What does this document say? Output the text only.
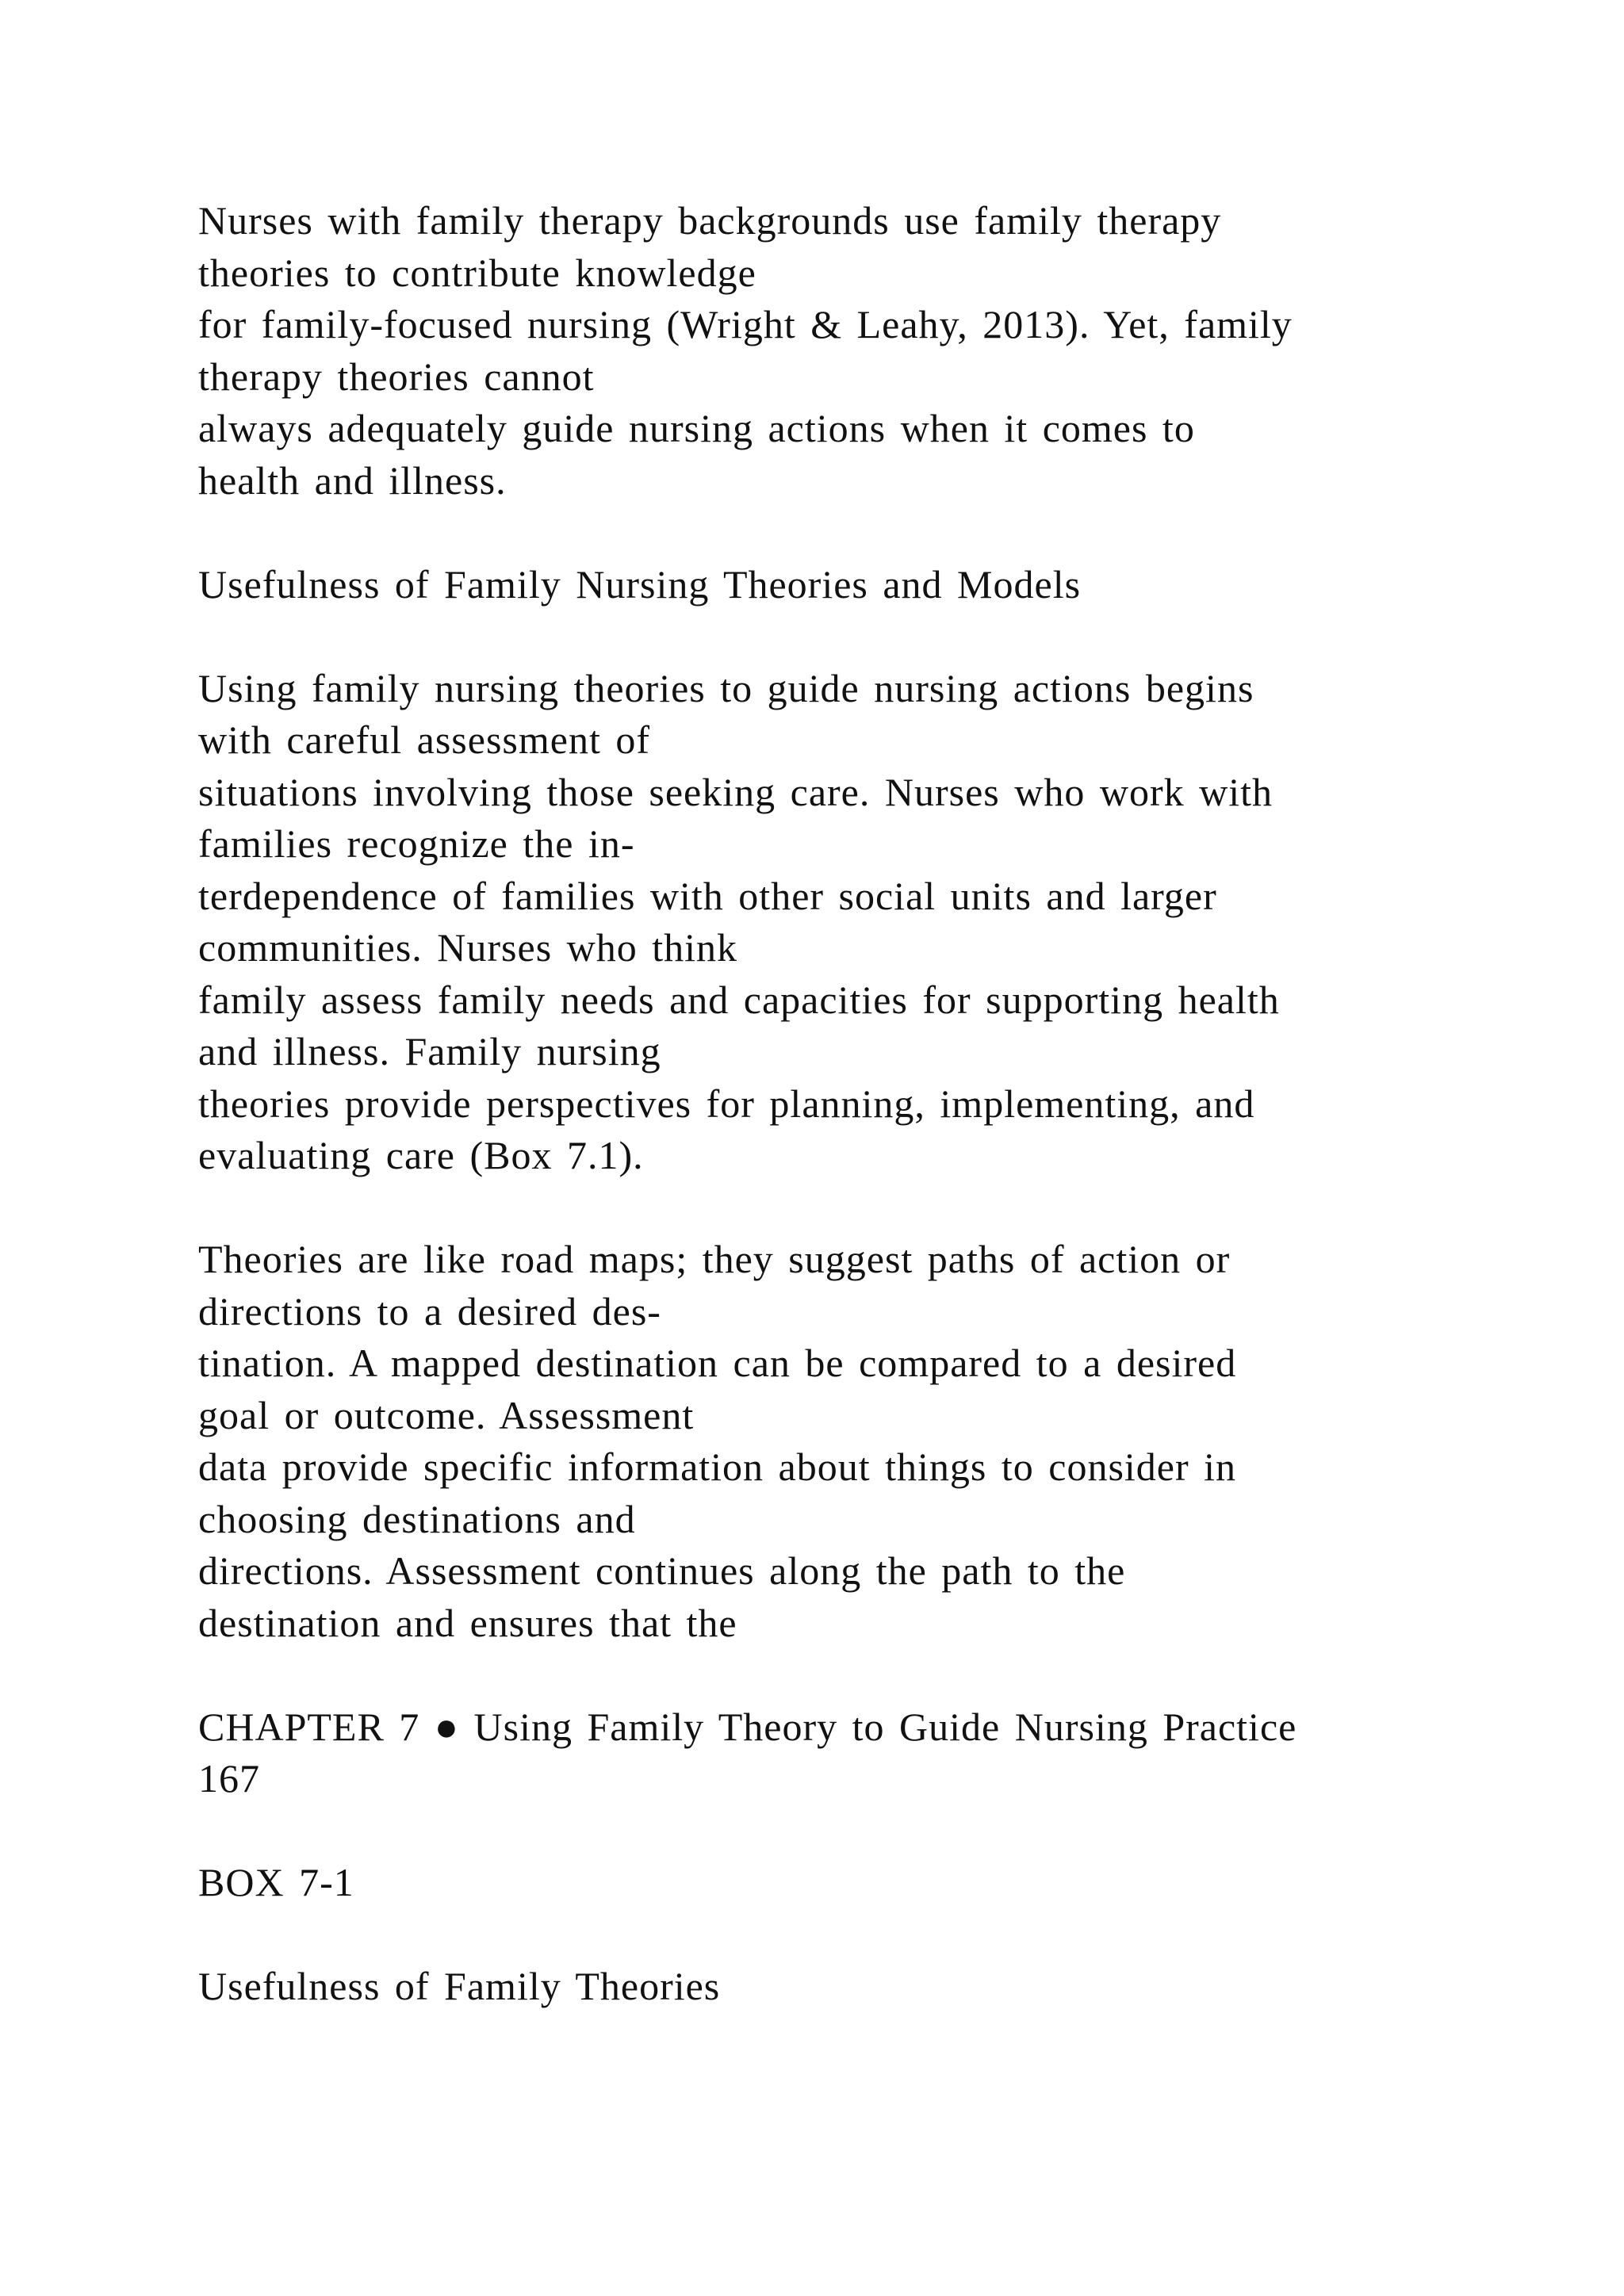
Nurses with family therapy backgrounds use family therapy
theories to contribute knowledge
for family-focused nursing (Wright & Leahy, 2013). Yet, family
therapy theories cannot
always adequately guide nursing actions when it comes to
health and illness.
Usefulness of Family Nursing Theories and Models
Using family nursing theories to guide nursing actions begins
with careful assessment of
situations involving those seeking care. Nurses who work with
families recognize the in-
terdependence of families with other social units and larger
communities. Nurses who think
family assess family needs and capacities for supporting health
and illness. Family nursing
theories provide perspectives for planning, implementing, and
evaluating care (Box 7.1).
Theories are like road maps; they suggest paths of action or
directions to a desired des-
tination. A mapped destination can be compared to a desired
goal or outcome. Assessment
data provide specific information about things to consider in
choosing destinations and
directions. Assessment continues along the path to the
destination and ensures that the
CHAPTER 7 ● Using Family Theory to Guide Nursing Practice
167
BOX 7-1
Usefulness of Family Theories
